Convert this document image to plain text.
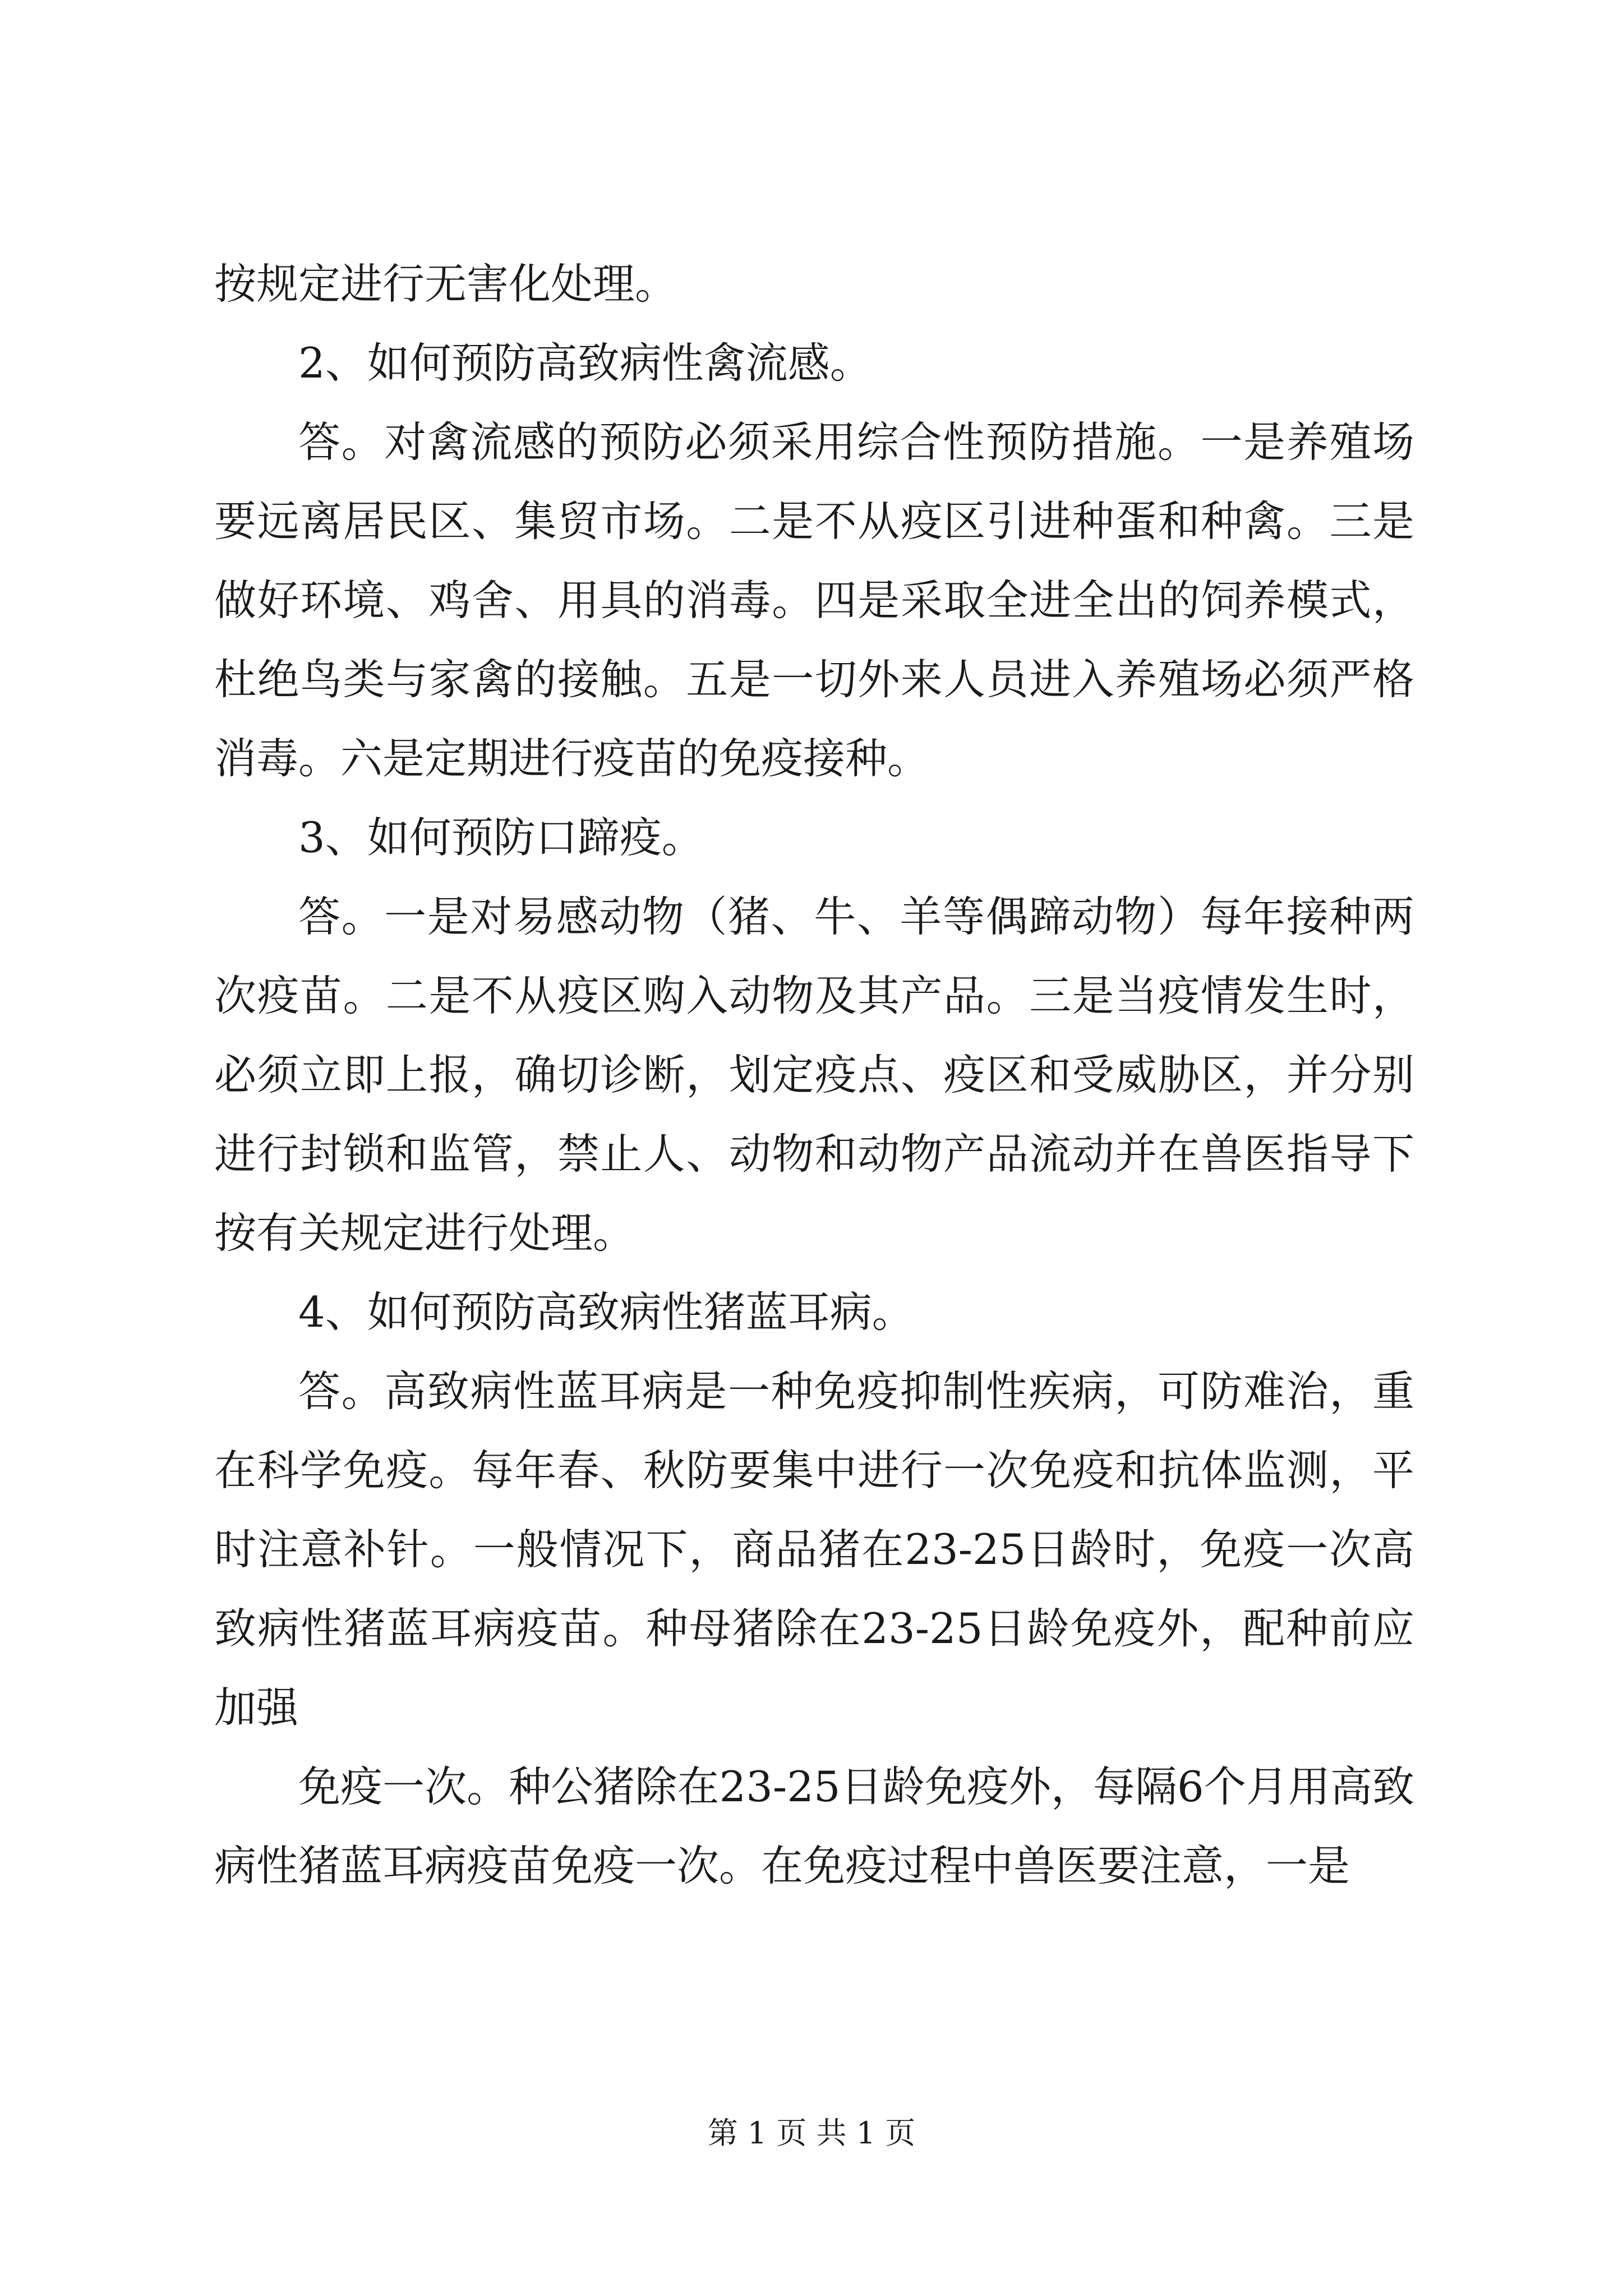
按规定进行无害化处理。

2、如何预防高致病性禽流感。

答。对禽流感的预防必须采用综合性预防措施。一是养殖场要远离居民区、集贸市场。二是不从疫区引进种蛋和种禽。三是做好环境、鸡舍、用具的消毒。四是采取全进全出的饲养模式，杜绝鸟类与家禽的接触。五是一切外来人员进入养殖场必须严格消毒。六是定期进行疫苗的免疫接种。

3、如何预防口蹄疫。

答。一是对易感动物（猪、牛、羊等偶蹄动物）每年接种两次疫苗。二是不从疫区购入动物及其产品。三是当疫情发生时，必须立即上报，确切诊断，划定疫点、疫区和受威胁区，并分别进行封锁和监管，禁止人、动物和动物产品流动并在兽医指导下按有关规定进行处理。

4、如何预防高致病性猪蓝耳病。

答。高致病性蓝耳病是一种免疫抑制性疾病，可防难治，重在科学免疫。每年春、秋防要集中进行一次免疫和抗体监测，平时注意补针。一般情况下，商品猪在23-25日龄时，免疫一次高致病性猪蓝耳病疫苗。种母猪除在23-25日龄免疫外，配种前应加强

免疫一次。种公猪除在23-25日龄免疫外，每隔6个月用高致病性猪蓝耳病疫苗免疫一次。在免疫过程中兽医要注意，一是

第 1 页 共 1 页
